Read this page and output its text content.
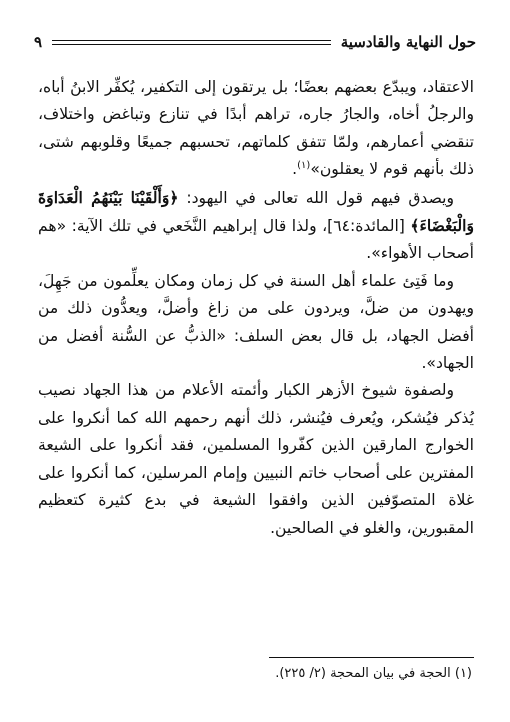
حول النهاية والقادسية
٩

الاعتقاد، ويبدّع بعضهم بعضًا؛ بل يرتقون إلى التكفير، يُكفِّر الابنُ أباه، والرجلُ أخاه، والجارُ جاره، تراهم أبدًا في تنازع وتباغض واختلاف، تنقضي أعمارهم، ولمّا تتفق كلماتهم، تحسبهم جميعًا وقلوبهم شتى، ذلك بأنهم قوم لا يعقلون»$^{(١)}$.

ويصدق فيهم قول الله تعالى في اليهود: ﴿وَأَلْقَيْنَا بَيْنَهُمُ الْعَدَاوَةَ وَالْبَغْضَاءَ﴾ [المائدة:٦٤]، ولذا قال إبراهيم النَّخَعي في تلك الآية: «هم أصحاب الأهواء».

وما فَتِئ علماء أهل السنة في كل زمان ومكان يعلِّمون من جَهِلَ، ويهدون من ضلَّ، ويردون على من زاغ وأضلَّ، ويعدُّون ذلك من أفضل الجهاد، بل قال بعض السلف: «الذبُّ عن السُّنة أفضل من الجهاد».

ولصفوة شيوخ الأزهر الكبار وأئمته الأعلام من هذا الجهاد نصيب يُذكر فيُشكر، ويُعرف فيُنشر، ذلك أنهم رحمهم الله كما أنكروا على الخوارج المارقين الذين كفّروا المسلمين، فقد أنكروا على الشيعة المفترين على أصحاب خاتم النبيين وإمام المرسلين، كما أنكروا على غلاة المتصوّفين الذين وافقوا الشيعة في بدع كثيرة كتعظيم المقبورين، والغلو في الصالحين.

(١) الحجة في بيان المحجة (٢/ ٢٢٥).
